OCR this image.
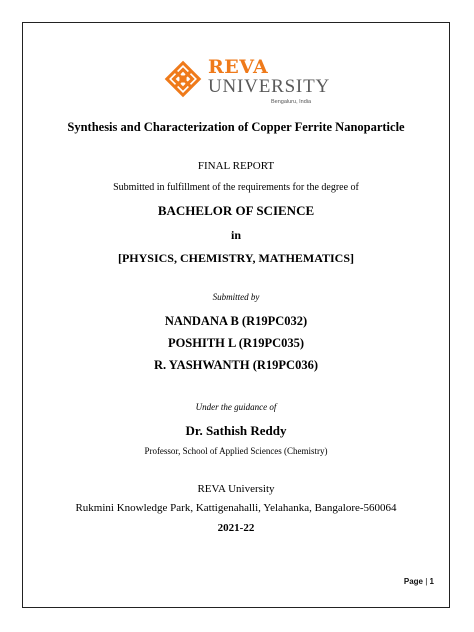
REVA
UNIVERSITY
Bengaluru, India
Synthesis and Characterization of Copper Ferrite Nanoparticle
FINAL REPORT
Submitted in fulfillment of the requirements for the degree of
BACHELOR OF SCIENCE
in
[PHYSICS, CHEMISTRY, MATHEMATICS]
Submitted by
NANDANA B (R19PC032)
POSHITH L (R19PC035)
R. YASHWANTH (R19PC036)
Under the guidance of
Dr. Sathish Reddy
Professor, School of Applied Sciences (Chemistry)
REVA University
Rukmini Knowledge Park, Kattigenahalli, Yelahanka, Bangalore-560064
2021-22
Page | 1
